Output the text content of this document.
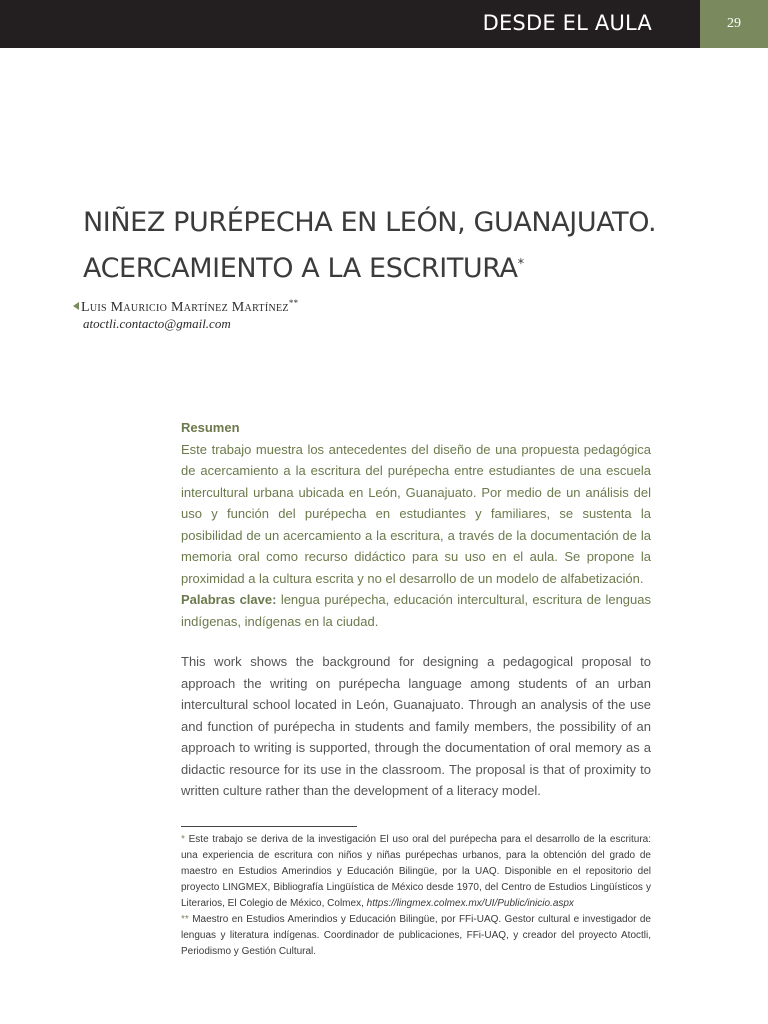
DESDE EL AULA	29
NIÑEZ PURÉPECHA EN LEÓN, GUANAJUATO.
ACERCAMIENTO A LA ESCRITURA*
Luis Mauricio Martínez Martínez**
atoctli.contacto@gmail.com
Resumen

Este trabajo muestra los antecedentes del diseño de una propuesta pedagógica de acercamiento a la escritura del purépecha entre estudiantes de una escuela intercultural urbana ubicada en León, Guanajuato. Por medio de un análisis del uso y función del purépecha en estudiantes y familiares, se sustenta la posibilidad de un acercamiento a la escritura, a través de la documentación de la memoria oral como recurso didáctico para su uso en el aula. Se propone la proximidad a la cultura escrita y no el desarrollo de un modelo de alfabetización.

Palabras clave: lengua purépecha, educación intercultural, escritura de lenguas indígenas, indígenas en la ciudad.

This work shows the background for designing a pedagogical proposal to approach the writing on purépecha language among students of an urban intercultural school located in León, Guanajuato. Through an analysis of the use and function of purépecha in students and family members, the possibility of an approach to writing is supported, through the documentation of oral memory as a didactic resource for its use in the classroom. The proposal is that of proximity to written culture rather than the development of a literacy model.

* Este trabajo se deriva de la investigación El uso oral del purépecha para el desarrollo de la escritura: una experiencia de escritura con niños y niñas purépechas urbanos, para la obtención del grado de maestro en Estudios Amerindios y Educación Bilingüe, por la UAQ. Disponible en el repositorio del proyecto LINGMEX, Bibliografía Lingüística de México desde 1970, del Centro de Estudios Lingüísticos y Literarios, El Colegio de México, Colmex, https://lingmex.colmex.mx/UI/Public/inicio.aspx

** Maestro en Estudios Amerindios y Educación Bilingüe, por FFi-UAQ. Gestor cultural e investigador de lenguas y literatura indígenas. Coordinador de publicaciones, FFi-UAQ, y creador del proyecto Atoctli, Periodismo y Gestión Cultural.
